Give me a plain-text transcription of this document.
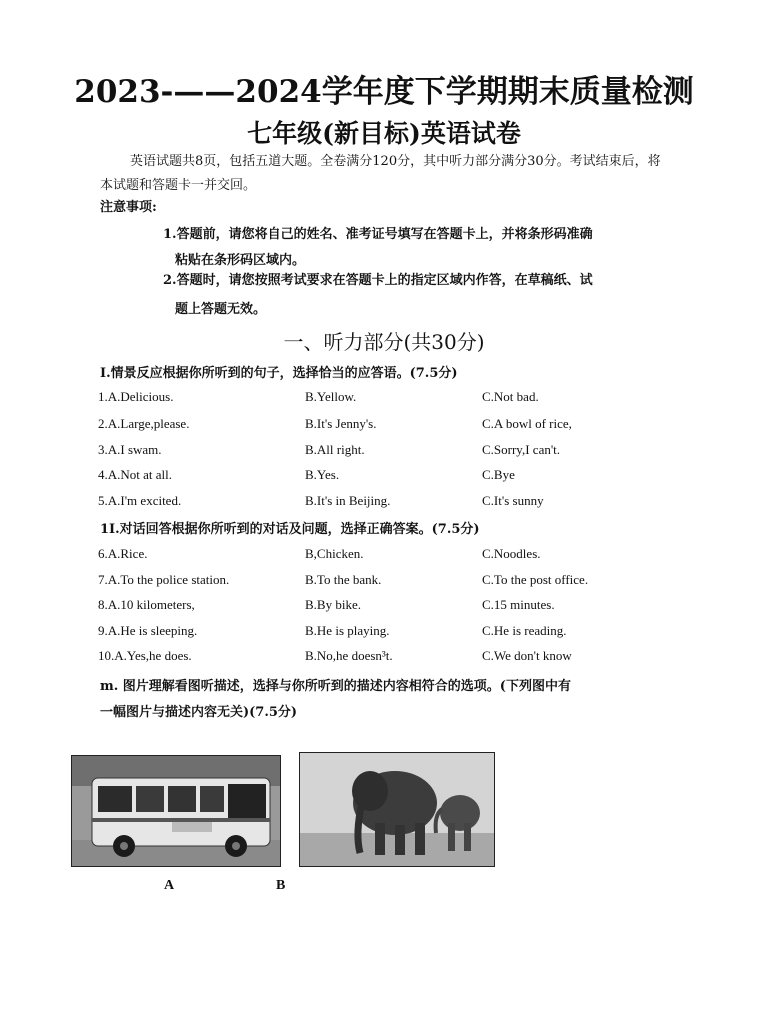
2023-——2024学年度下学期期末质量检测
七年级(新目标)英语试卷
英语试题共8页，包括五道大题。全卷满分120分，其中听力部分满分30分。考试结束后，将本试题和答题卡一并交回。
注意事项:
1.答题前，请您将自己的姓名、准考证号填写在答题卡上，并将条形码准确
粘贴在条形码区域内。
2.答题时，请您按照考试要求在答题卡上的指定区域内作答，在草稿纸、试
题上答题无效。
一、听力部分(共30分)
I.情景反应根据你所听到的句子，选择恰当的应答语。(7.5分)
1.A.Delicious.	B.Yellow.	C.Not bad.
2.A.Large,please.	B.It's Jenny's.	C.A bowl of rice,
3.A.I swam.	B.All right.	C.Sorry,I can't.
4.A.Not at all.	B.Yes.	C.Bye
5.A.I'm excited.	B.It's in Beijing.	C.It's sunny
1I.对话回答根据你所听到的对话及问题，选择正确答案。(7.5分)
6.A.Rice.	B,Chicken.	C.Noodles.
7.A.To the police station.	B.To the bank.	C.To the post office.
8.A.10 kilometers,	B.By bike.	C.15 minutes.
9.A.He is sleeping.	B.He is playing.	C.He is reading.
10.A.Yes,he does.	B.No,he doesn³t.	C.We don't know
m. 图片理解看图听描述，选择与你所听到的描述内容相符合的选项。(下列图中有
一幅图片与描述内容无关)(7.5分)
A	B
